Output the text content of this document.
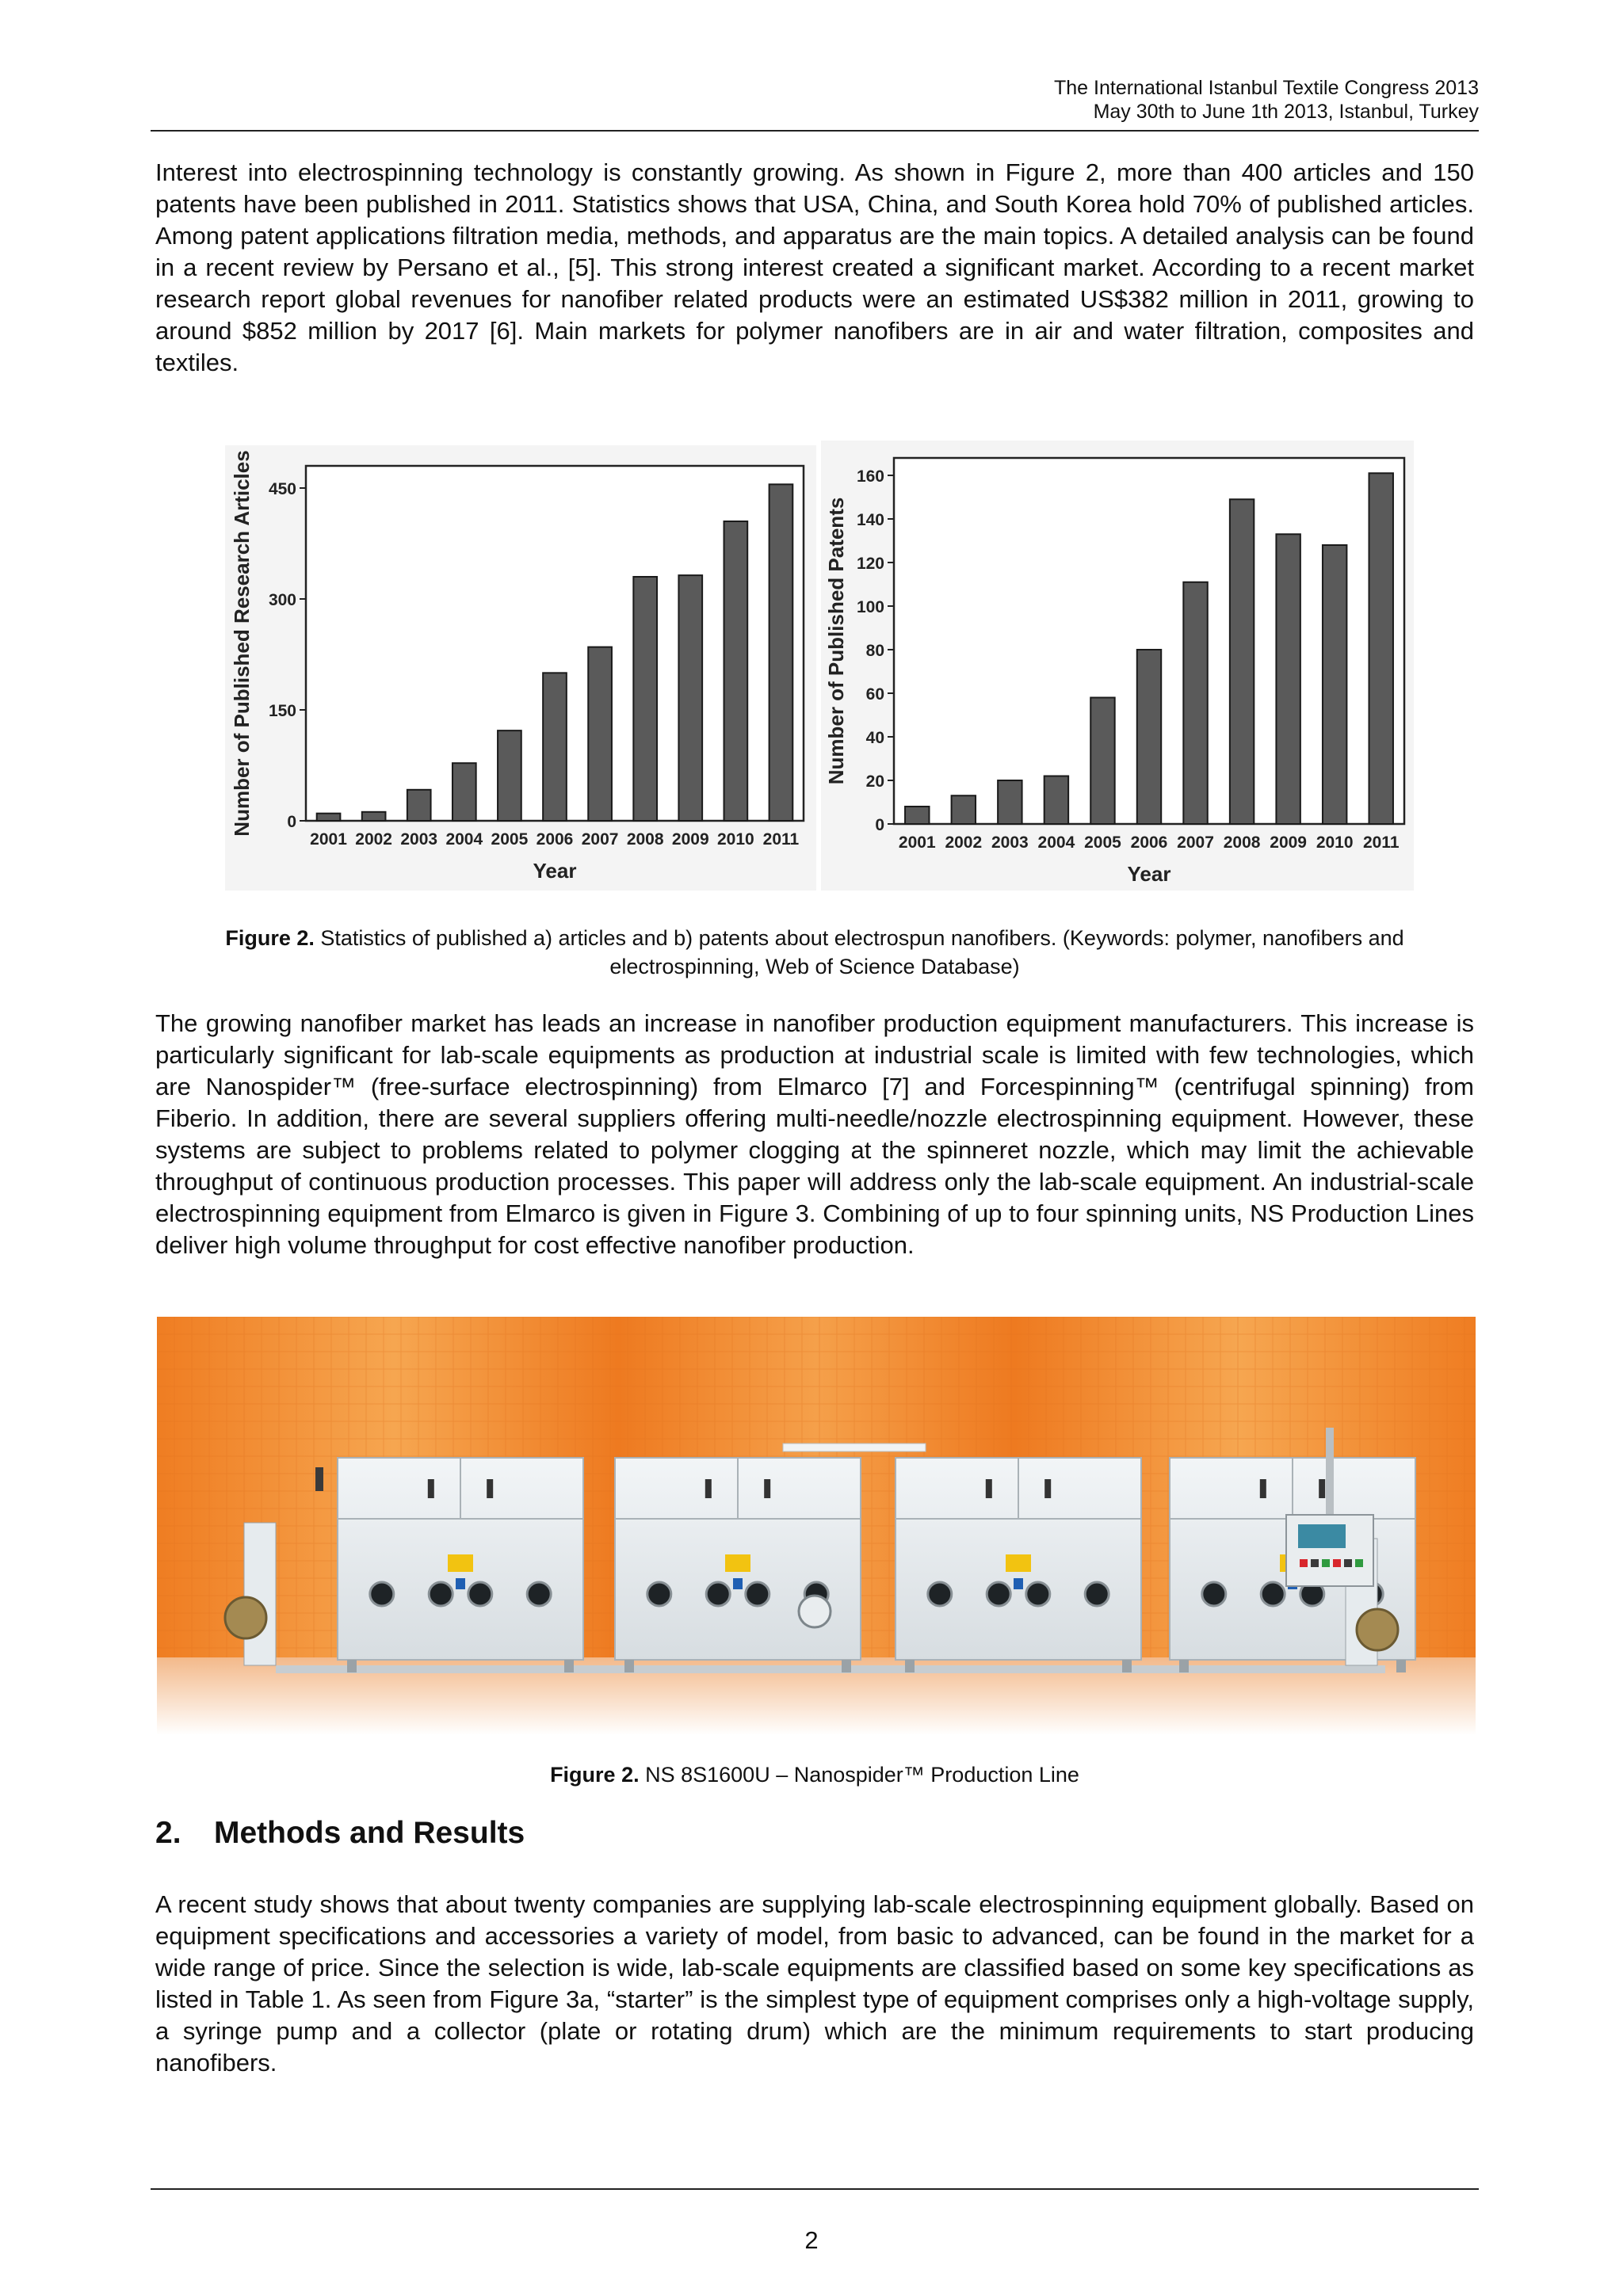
The International Istanbul Textile Congress 2013
May 30th to June 1th 2013, Istanbul, Turkey

Interest into electrospinning technology is constantly growing. As shown in Figure 2, more than 400 articles and 150 patents have been published in 2011. Statistics shows that USA, China, and South Korea hold 70% of published articles. Among patent applications filtration media, methods, and apparatus are the main topics. A detailed analysis can be found in a recent review by Persano et al., [5]. This strong interest created a significant market. According to a recent market research report global revenues for nanofiber related products were an estimated US$382 million in 2011, growing to around $852 million by 2017 [6]. Main markets for polymer nanofibers are in air and water filtration, composites and textiles.

2001 2002 2003 2004 2005 2006 2007 2008 2009 2010 2011
0
150
300
450
Year
Number of Published Research Articles
2001 2002 2003 2004 2005 2006 2007 2008 2009 2010 2011
0
20
40
60
80
100
120
140
160
Year
Number of Published Patents
Figure 2. Statistics of published a) articles and b) patents about electrospun nanofibers. (Keywords: polymer, nanofibers and electrospinning, Web of Science Database)

The growing nanofiber market has leads an increase in nanofiber production equipment manufacturers. This increase is particularly significant for lab-scale equipments as production at industrial scale is limited with few technologies, which are Nanospider™ (free-surface electrospinning) from Elmarco [7] and Forcespinning™ (centrifugal spinning) from Fiberio. In addition, there are several suppliers offering multi-needle/nozzle electrospinning equipment. However, these systems are subject to problems related to polymer clogging at the spinneret nozzle, which may limit the achievable throughput of continuous production processes. This paper will address only the lab-scale equipment. An industrial-scale electrospinning equipment from Elmarco is given in Figure 3. Combining of up to four spinning units, NS Production Lines deliver high volume throughput for cost effective nanofiber production.

Figure 2. NS 8S1600U – Nanospider™ Production Line
2. Methods and Results

A recent study shows that about twenty companies are supplying lab-scale electrospinning equipment globally. Based on equipment specifications and accessories a variety of model, from basic to advanced, can be found in the market for a wide range of price. Since the selection is wide, lab-scale equipments are classified based on some key specifications as listed in Table 1. As seen from Figure 3a, “starter” is the simplest type of equipment comprises only a high-voltage supply, a syringe pump and a collector (plate or rotating drum) which are the minimum requirements to start producing nanofibers.

2
